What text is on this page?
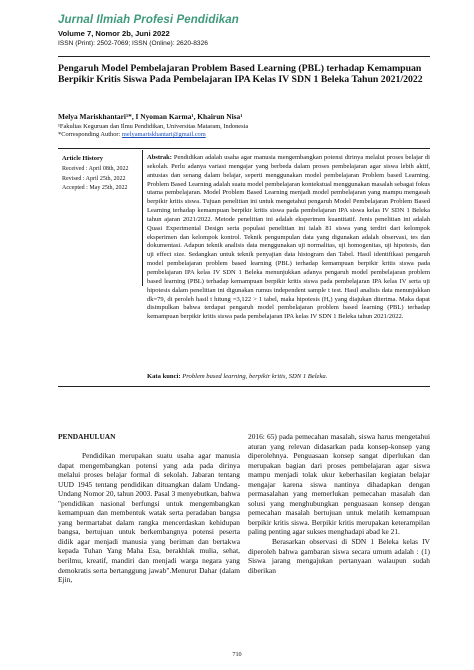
Jurnal Ilmiah Profesi Pendidikan
Volume 7, Nomor 2b, Juni 2022
ISSN (Print): 2502-7069; ISSN (Online): 2620-8326
Pengaruh Model Pembelajaran Problem Based Learning (PBL) terhadap Kemampuan Berpikir Kritis Siswa Pada Pembelajaran IPA Kelas IV SDN 1 Beleka Tahun 2021/2022
Melya Mariskhantari¹*, I Nyoman Karma¹, Khairun Nisa¹
¹Fakultas Keguruan dan Ilmu Pendidikan, Universitas Mataram, Indonesia
*Corresponding Author: melyamariskhantari@gmail.com
Article History
Received : April 08th, 2022
Revised : April 25th, 2022
Accepted : May 25th, 2022
Abstrak: Pendidikan adalah usaha agar manusia mengembangkan potensi dirinya melalui proses belajar di sekolah. Perlu adanya variasi mengajar yang berbeda dalam proses pembelajaran agar siswa lebih aktif, antusias dan senang dalam belajar, seperti menggunakan model pembelajaran Problem based Learning. Problem Based Learning adalah suatu model pembelajaran kontekstual menggunakan masalah sebagai fokus utama pembelajaran. Model Problem Based Learning menjadi model pembelajaran yang mampu mengasah berpikir kritis siswa. Tujuan penelitian ini untuk mengetahui pengaruh Model Pembelajaran Problem Based Learning terhadap kemampuan berpikir kritis siswa pada pembelajaran IPA siswa kelas IV SDN 1 Beleka tahun ajaran 2021/2022. Metode penelitian ini adalah eksperimen kuantitatif. Jenis penelitian ini adalah Quasi Experimental Design serta populasi penelitian ini ialah 81 siswa yang terdiri dari kelompok eksperimen dan kelompok kontrol. Teknik pengumpulan data yang digunakan adalah observasi, tes dan dokumentasi. Adapun teknik analisis data menggunakan uji normalitas, uji homogenitas, uji hipotesis, dan uji effect size. Sedangkan untuk teknik penyajian data histogram dan Tabel. Hasil identifikasi pengaruh model pembelajaran problem based learning (PBL) terhadap kemampuan berpikir kritis siswa pada pembelajaran IPA kelas IV SDN 1 Beleka menunjukkan adanya pengaruh model pembelajaran problem based learning (PBL) terhadap kemampuan berpikir kritis siswa pada pembelajaran IPA kelas IV serta uji hipotesis dalam penelitian ini digunakan rumus independent sample t test. Hasil analisis data menunjukkan dk=79, di peroleh hasil t hitung =3,122 > 1 tabel, maka hipotesis (Hₐ) yang diajukan diterima. Maka dapat disimpulkan bahwa terdapat pengaruh model pembelajaran problem based learning (PBL) terhadap kemampuan berpikir kritis siswa pada pembelajaran IPA kelas IV SDN 1 Beleka tahun 2021/2022.
Kata kunci: Problem based learning, berpikir kritis, SDN 1 Beleka.
PENDAHULUAN

Pendidikan merupakan suatu usaha agar manusia dapat mengembangkan potensi yang ada pada dirinya melalui proses belajar formal di sekolah. Jabaran tentang UUD 1945 tentang pendidikan dituangkan dalam Undang-Undang Nomor 20, tahun 2003. Pasal 3 menyebutkan, bahwa "pendidikan nasional berfungsi untuk mengembangkan kemampuan dan membentuk watak serta peradaban bangsa yang bermartabat dalam rangka mencerdaskan kehidupan bangsa, bertujuan untuk berkembangnya potensi peserta didik agar menjadi manusia yang beriman dan bertakwa kepada Tuhan Yang Maha Esa, berakhlak mulia, sehat, berilmu, kreatif, mandiri dan menjadi warga negara yang demokratis serta bertanggung jawab".Menurut Dahar (dalam Ejin,

2016: 65) pada pemecahan masalah, siswa harus mengetahui aturan yang relevan didasarkan pada konsep-konsep yang diperolehnya. Penguasaan konsep sangat diperlukan dan merupakan bagian dari proses pembelajaran agar siswa mampu menjadi tolak ukur keberhasilan kegiatan belajar mengajar karena siswa nantinya dihadapkan dengan permasalahan yang memerlukan pemecahan masalah dan solusi yang menghubungkan penguasaan konsep dengan pemecahan masalah bertujuan untuk melatih kemampuan berpikir kritis siswa. Berpikir kritis merupakan keterampilan paling penting agar sukses menghadapi abad ke 21.

Berasarkan observasi di SDN 1 Beleka kelas IV diperoleh bahwa gambaran siswa secara umum adalah : (1) Siswa jarang mengajukan pertanyaan walaupun sudah diberikan

710
